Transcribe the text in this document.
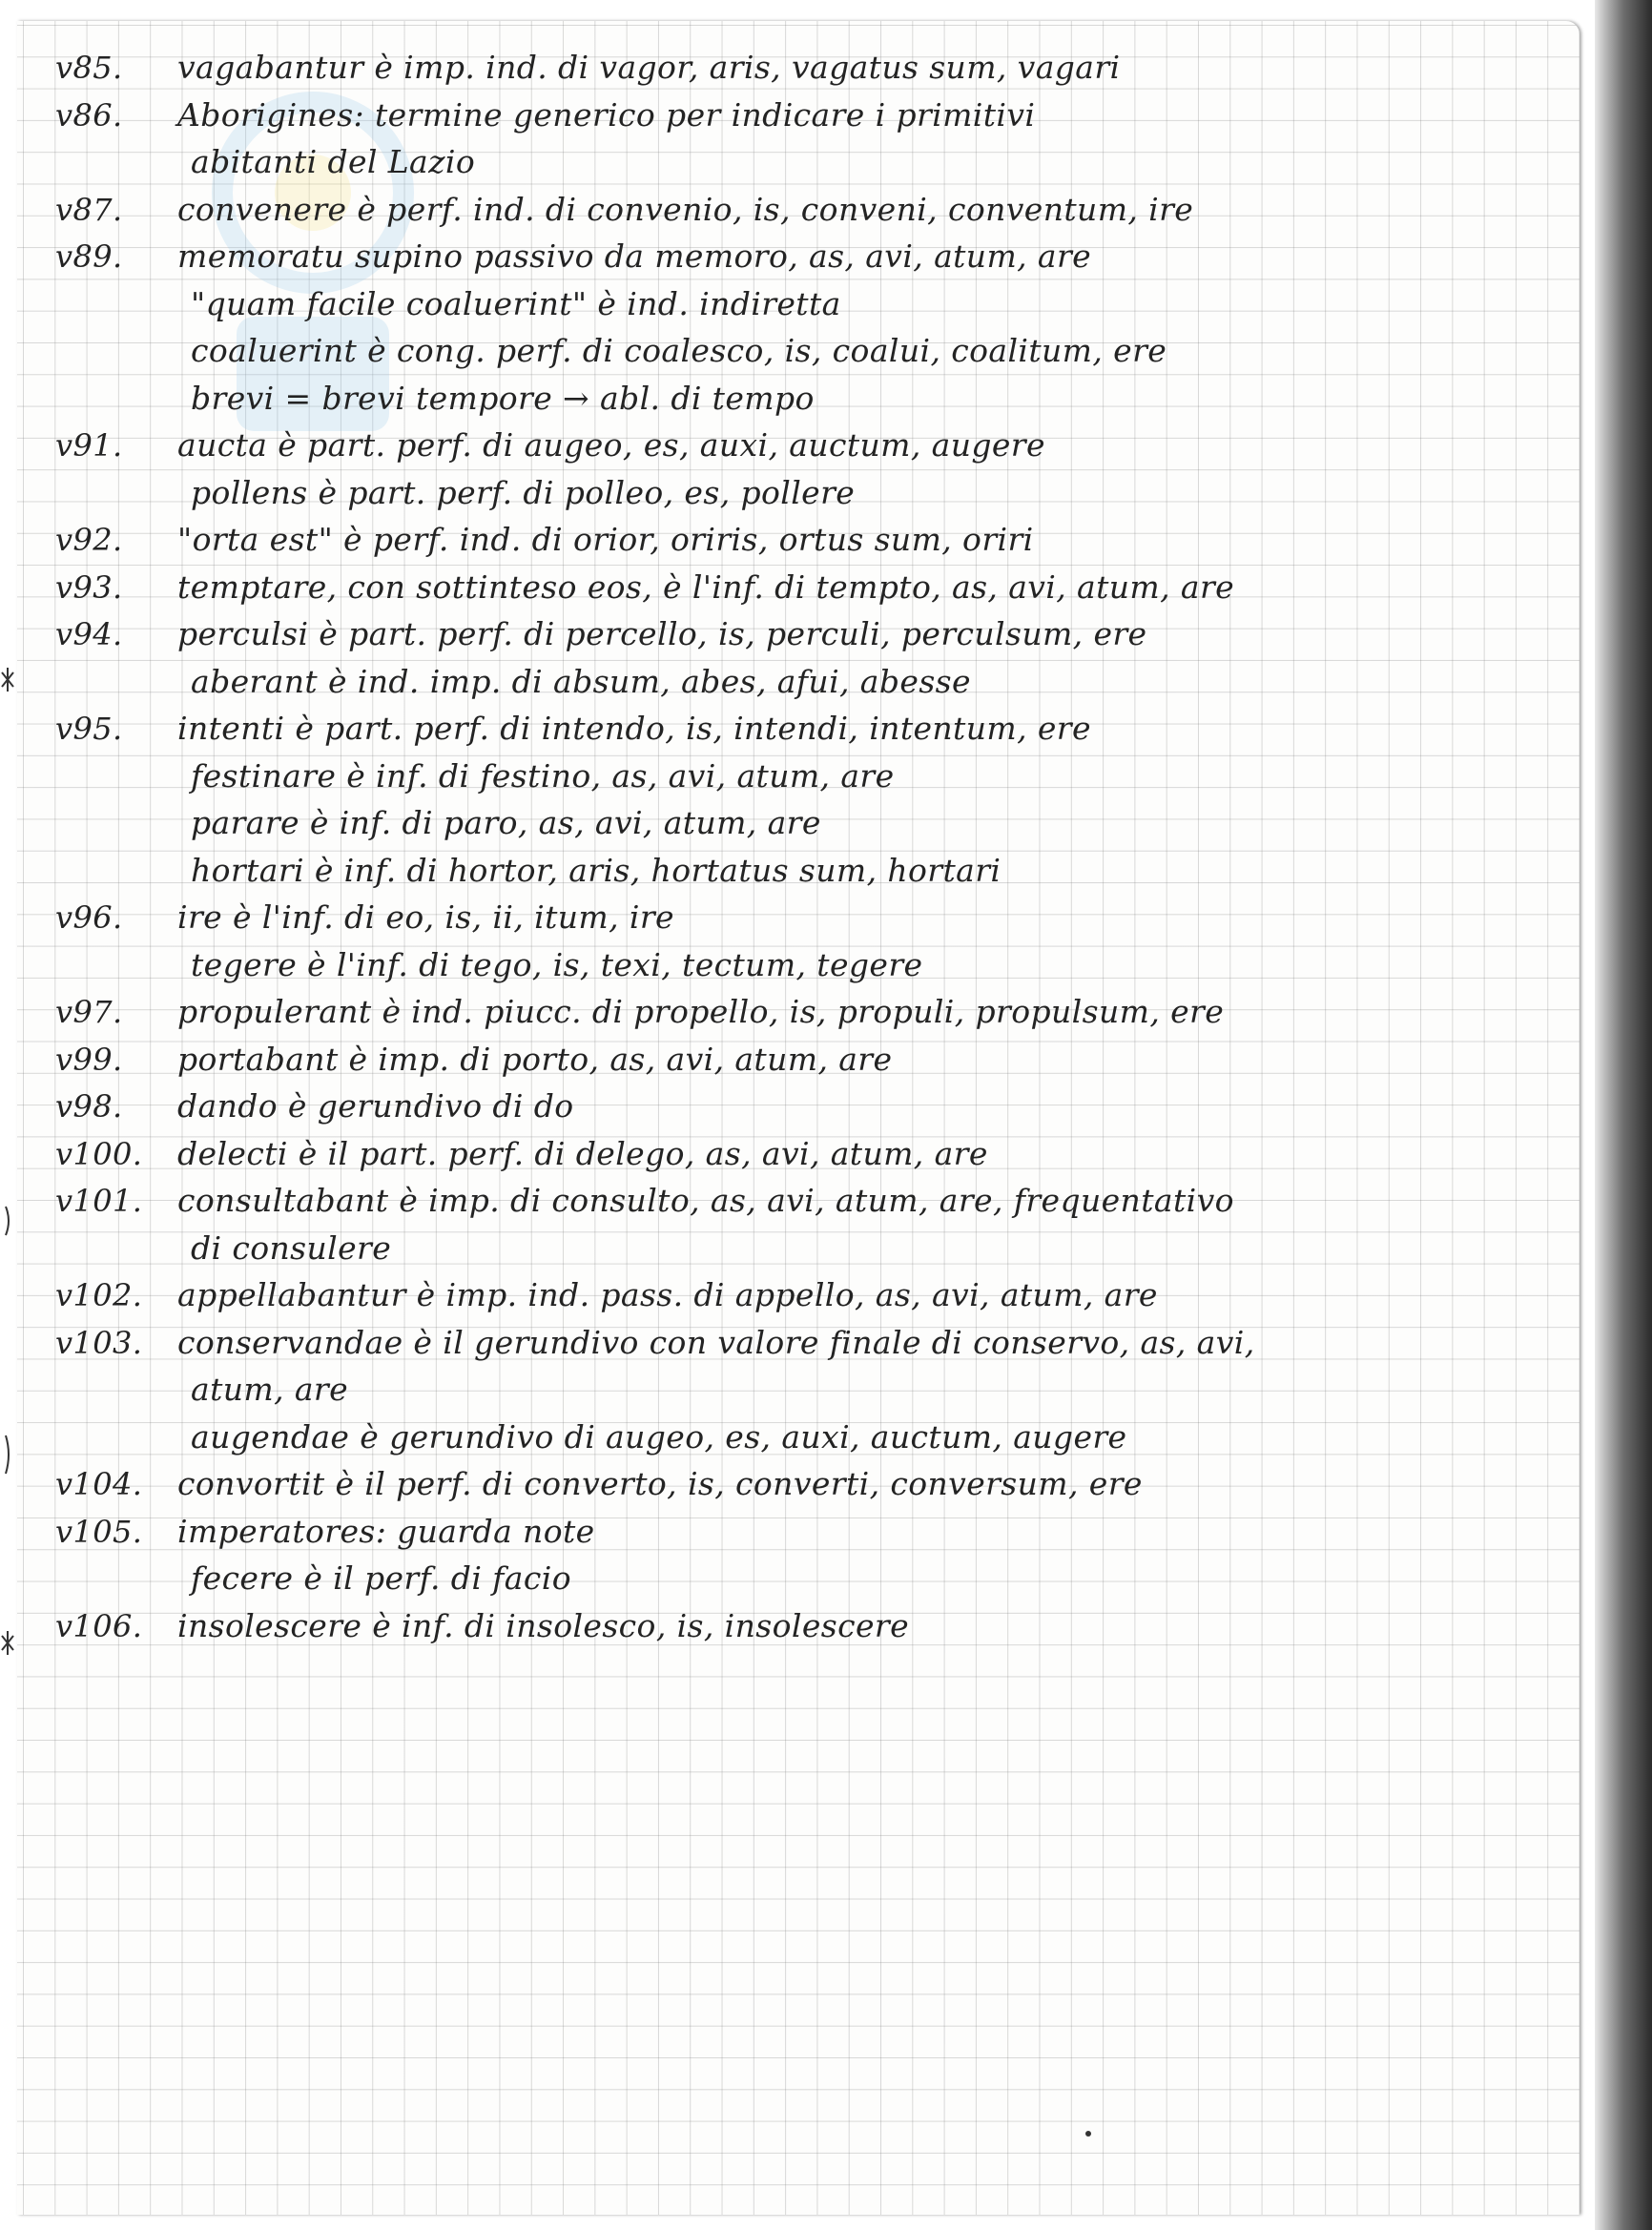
v85. vagabantur è imp. ind. di vagor, aris, vagatus sum, vagari
v86. Aborigines: termine generico per indicare i primitivi
abitanti del Lazio
v87. convenere è perf. ind. di convenio, is, conveni, conventum, ire
v89. memoratu supino passivo da memoro, as, avi, atum, are
"quam facile coaluerint" è ind. indiretta
coaluerint è cong. perf. di coalesco, is, coalui, coalitum, ere
brevi = brevi tempore → abl. di tempo
v91. aucta è part. perf. di augeo, es, auxi, auctum, augere
pollens è part. perf. di polleo, es, pollere
v92. "orta est" è perf. ind. di orior, oriris, ortus sum, oriri
v93. temptare, con sottinteso eos, è l'inf. di tempto, as, avi, atum, are
v94. perculsi è part. perf. di percello, is, perculi, perculsum, ere
aberant è ind. imp. di absum, abes, afui, abesse
v95. intenti è part. perf. di intendo, is, intendi, intentum, ere
festinare è inf. di festino, as, avi, atum, are
parare è inf. di paro, as, avi, atum, are
hortari è inf. di hortor, aris, hortatus sum, hortari
v96. ire è l'inf. di eo, is, ii, itum, ire
tegere è l'inf. di tego, is, texi, tectum, tegere
v97. propulerant è ind. piucc. di propello, is, propuli, propulsum, ere
v99. portabant è imp. di porto, as, avi, atum, are
v98. dando è gerundivo di do
v100. delecti è il part. perf. di delego, as, avi, atum, are
v101. consultabant è imp. di consulto, as, avi, atum, are, frequentativo
di consulere
v102. appellabantur è imp. ind. pass. di appello, as, avi, atum, are
v103. conservandae è il gerundivo con valore finale di conservo, as, avi,
atum, are
augendae è gerundivo di augeo, es, auxi, auctum, augere
v104. convortit è il perf. di converto, is, converti, conversum, ere
v105. imperatores: guarda note
fecere è il perf. di facio
v106. insolescere è inf. di insolesco, is, insolescere
